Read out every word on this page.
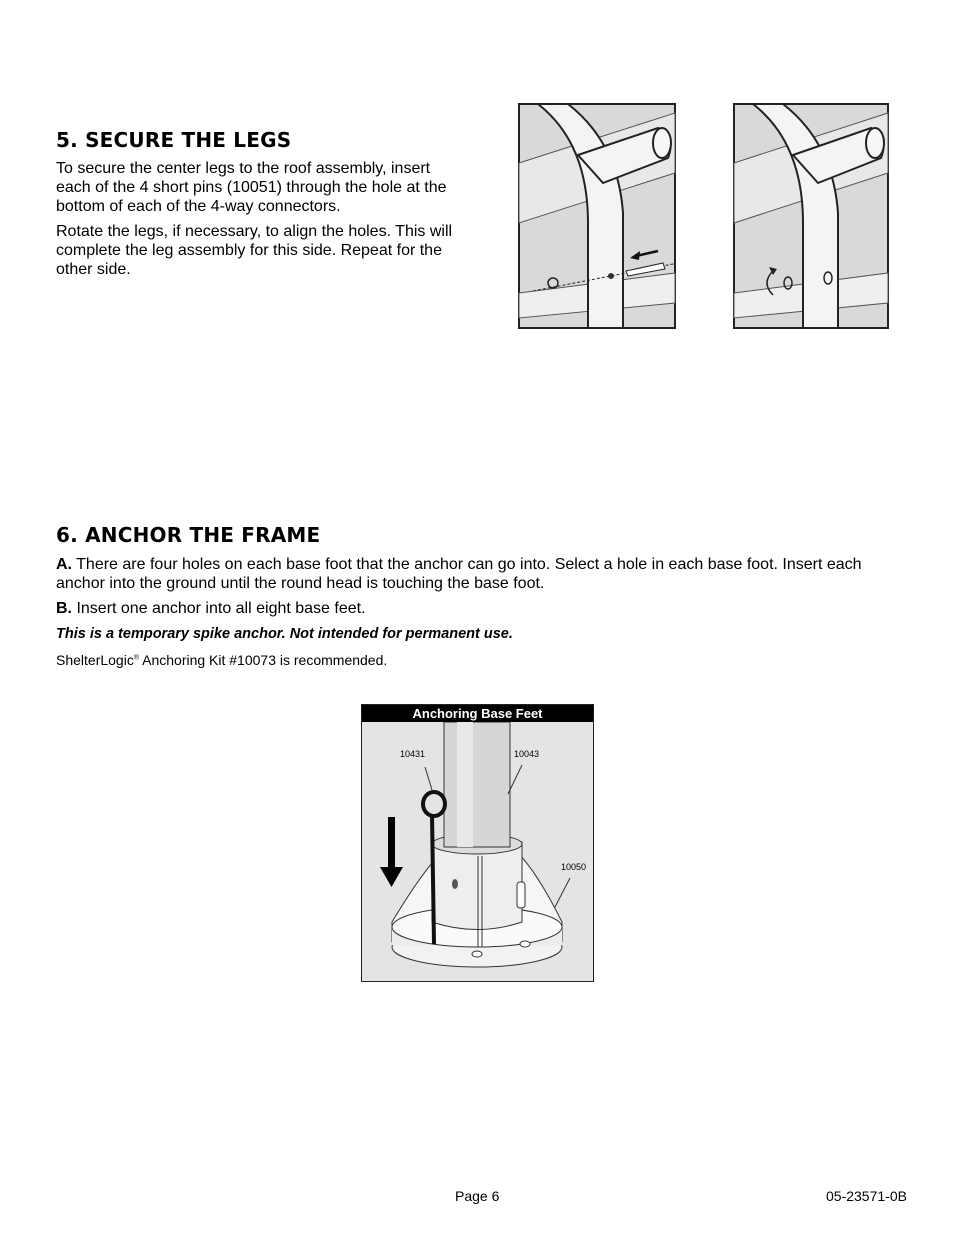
5. SECURE THE LEGS

To secure the center legs to the roof assembly, insert each of the 4 short pins (10051) through the hole at the bottom of each of the 4-way connectors.

Rotate the legs, if necessary, to align the holes. This will complete the leg assembly for this side. Repeat for the other side.

6. ANCHOR THE FRAME

A. There are four holes on each base foot that the anchor can go into. Select a hole in each base foot. Insert each anchor into the ground until the round head is touching the base foot.

B. Insert one anchor into all eight base feet.

This is a temporary spike anchor. Not intended for permanent use.

ShelterLogic® Anchoring Kit #10073 is recommended.

Anchoring Base Feet
10431	10043
10050
Page 6	05-23571-0B
